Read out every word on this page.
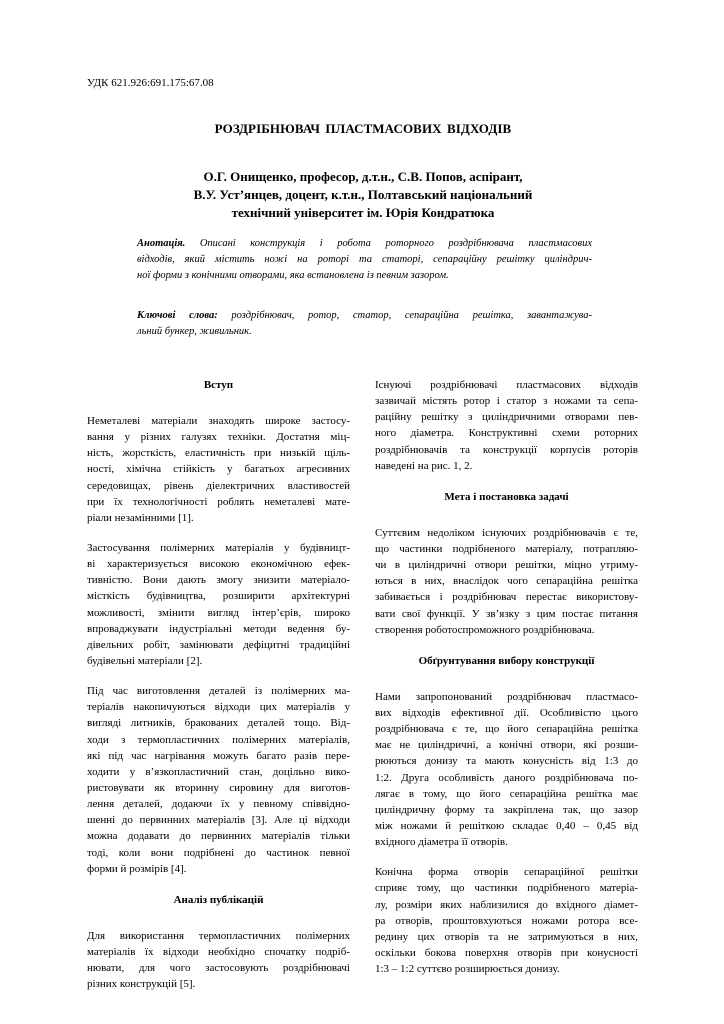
УДК 621.926:691.175:67.08
РОЗДРІБНЮВАЧ ПЛАСТМАСОВИХ ВІДХОДІВ
О.Г. Онищенко, професор, д.т.н., С.В. Попов, аспірант,
В.У. Уст’янцев, доцент, к.т.н., Полтавський національний
технічний університет ім. Юрія Кондратюка
Анотація. Описані конструкція і робота роторного роздрібнювача пластмасових
відходів, який містить ножі на роторі та статорі, сепараційну решітку циліндрич-
ної форми з конічними отворами, яка встановлена із певним зазором.
Ключові слова: роздрібнювач, ротор, статор, сепараційна решітка, завантажува-
льний бункер, живильник.
Вступ
Неметалеві матеріали знаходять широке застосу-
вання у різних галузях техніки. Достатня міц-
ність, жорсткість, еластичність при низькій щіль-
ності, хімічна стійкість у багатьох агресивних
середовищах, рівень діелектричних властивостей
при їх технологічності роблять неметалеві мате-
ріали незамінними [1].
Застосування полімерних матеріалів у будівницт-
ві характеризується високою економічною ефек-
тивністю. Вони дають змогу знизити матеріало-
місткість будівництва, розширити архітектурні
можливості, змінити вигляд інтер’єрів, широко
впроваджувати індустріальні методи ведення бу-
дівельних робіт, замінювати дефіцитні традиційні
будівельні матеріали [2].
Під час виготовлення деталей із полімерних ма-
теріалів накопичуються відходи цих матеріалів у
вигляді литників, бракованих деталей тощо. Від-
ходи з термопластичних полімерних матеріалів,
які під час нагрівання можуть багато разів пере-
ходити у в’язкопластичний стан, доцільно вико-
ристовувати як вторинну сировину для виготов-
лення деталей, додаючи їх у певному співвідно-
шенні до первинних матеріалів [3]. Але ці відходи
можна додавати до первинних матеріалів тільки
тоді, коли вони подрібнені до частинок певної
форми й розмірів [4].
Аналіз публікацій
Для використання термопластичних полімерних
матеріалів їх відходи необхідно спочатку подріб-
нювати, для чого застосовують роздрібнювачі
різних конструкцій [5].
Існуючі роздрібнювачі пластмасових відходів
зазвичай містять ротор і статор з ножами та сепа-
раційну решітку з циліндричними отворами пев-
ного діаметра. Конструктивні схеми роторних
роздрібнювачів та конструкції корпусів роторів
наведені на рис. 1, 2.
Мета і постановка задачі
Суттєвим недоліком існуючих роздрібнювачів є те,
що частинки подрібненого матеріалу, потрапляю-
чи в циліндричні отвори решітки, міцно утриму-
ються в них, внаслідок чого сепараційна решітка
забивається і роздрібнювач перестає використову-
вати свої функції. У зв’язку з цим постає питання
створення роботоспроможного роздрібнювача.
Обґрунтування вибору конструкції
Нами запропонований роздрібнювач пластмасо-
вих відходів ефективної дії. Особливістю цього
роздрібнювача є те, що його сепараційна решітка
має не циліндричні, а конічні отвори, які розши-
рюються донизу та мають конусність від 1:3 до
1:2. Друга особливість даного роздрібнювача по-
лягає в тому, що його сепараційна решітка має
циліндричну форму та закріплена так, що зазор
між ножами й решіткою складає 0,40 – 0,45 від
вхідного діаметра її отворів.
Конічна форма отворів сепараційної решітки
сприяє тому, що частинки подрібненого матеріа-
лу, розміри яких наблизилися до вхідного діамет-
ра отворів, проштовхуються ножами ротора все-
редину цих отворів та не затримуються в них,
оскільки бокова поверхня отворів при конусності
1:3 – 1:2 суттєво розширюється донизу.
